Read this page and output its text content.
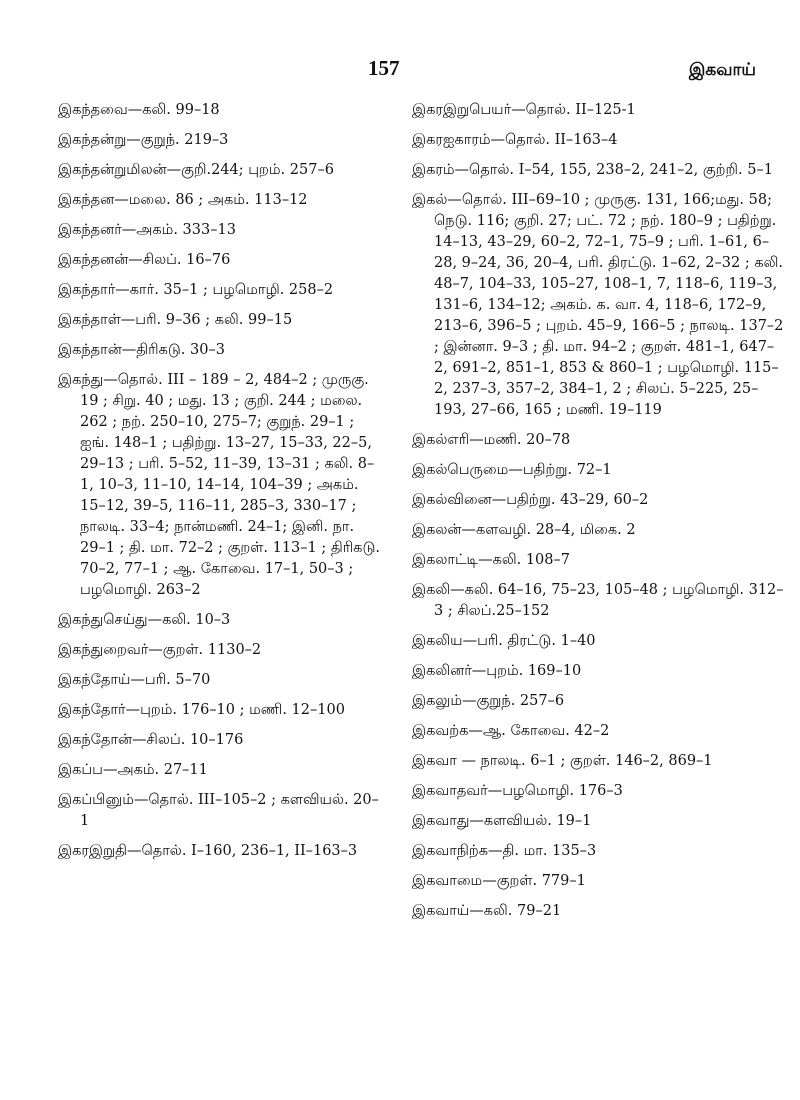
157	இகவாய்
இகந்தவை—கலி. 99–18
இகந்தன்று—குறுந். 219–3
இகந்தன்றுமிலன்—குறி.244; புறம். 257–6
இகந்தன—மலை. 86 ; அகம். 113–12
இகந்தனர்—அகம். 333–13
இகந்தனன்—சிலப். 16–76
இகந்தார்—கார். 35–1 ; பழமொழி. 258–2
இகந்தாள்—பரி. 9–36 ; கலி. 99–15
இகந்தான்—திரிகடு. 30–3
இகந்து—தொல். III – 189 – 2, 484–2 ; முருகு. 19 ; சிறு. 40 ; மது. 13 ; குறி. 244 ; மலை. 262 ; நற். 250–10, 275–7; குறுந். 29–1 ; ஐங். 148–1 ; பதிற்று. 13–27, 15–33, 22–5, 29–13 ; பரி. 5–52, 11–39, 13–31 ; கலி. 8–1, 10–3, 11–10, 14–14, 104–39 ; அகம். 15–12, 39–5, 116–11, 285–3, 330–17 ; நாலடி. 33–4; நான்மணி. 24–1; இனி. நா. 29–1 ; தி. மா. 72–2 ; குறள். 113–1 ; திரிகடு. 70–2, 77–1 ; ஆ. கோவை. 17–1, 50–3 ; பழமொழி. 263–2
இகந்துசெய்து—கலி. 10–3
இகந்துறைவர்—குறள். 1130–2
இகந்தோய்—பரி. 5–70
இகந்தோர்—புறம். 176–10 ; மணி. 12–100
இகந்தோன்—சிலப். 10–176
இகப்ப—அகம். 27–11
இகப்பினும்—தொல். III–105–2 ; களவியல். 20–1
இகரஇறுதி—தொல். I–160, 236–1, II–163–3
இகரஇறுபெயர்—தொல். II–125-1
இகரஐகாரம்—தொல். II–163–4
இகரம்—தொல். I–54, 155, 238–2, 241–2, குற்றி. 5–1
இகல்—தொல். III–69–10 ; முருகு. 131, 166;மது. 58; நெடு. 116; குறி. 27; பட். 72 ; நற். 180–9 ; பதிற்று. 14–13, 43–29, 60–2, 72–1, 75–9 ; பரி. 1–61, 6–28, 9–24, 36, 20–4, பரி. திரட்டு. 1–62, 2–32 ; கலி. 48–7, 104–33, 105–27, 108–1, 7, 118–6, 119–3, 131–6, 134–12; அகம். க. வா. 4, 118–6, 172–9, 213–6, 396–5 ; புறம். 45–9, 166–5 ; நாலடி. 137–2 ; இன்னா. 9–3 ; தி. மா. 94–2 ; குறள். 481–1, 647–2, 691–2, 851–1, 853 & 860–1 ; பழமொழி. 115–2, 237–3, 357–2, 384–1, 2 ; சிலப். 5–225, 25–193, 27–66, 165 ; மணி. 19–119
இகல்எரி—மணி. 20–78
இகல்பெருமை—பதிற்று. 72–1
இகல்வினை—பதிற்று. 43–29, 60–2
இகலன்—களவழி. 28–4, மிகை. 2
இகலாட்டி—கலி. 108–7
இகலி—கலி. 64–16, 75–23, 105–48 ; பழமொழி. 312–3 ; சிலப்.25–152
இகலிய—பரி. திரட்டு. 1–40
இகலினர்—புறம். 169–10
இகலும்—குறுந். 257–6
இகவற்க—ஆ. கோவை. 42–2
இகவா — நாலடி. 6–1 ; குறள். 146–2, 869–1
இகவாதவர்—பழமொழி. 176–3
இகவாது—களவியல். 19–1
இகவாநிற்க—தி. மா. 135–3
இகவாமை—குறள். 779–1
இகவாய்—கலி. 79–21
